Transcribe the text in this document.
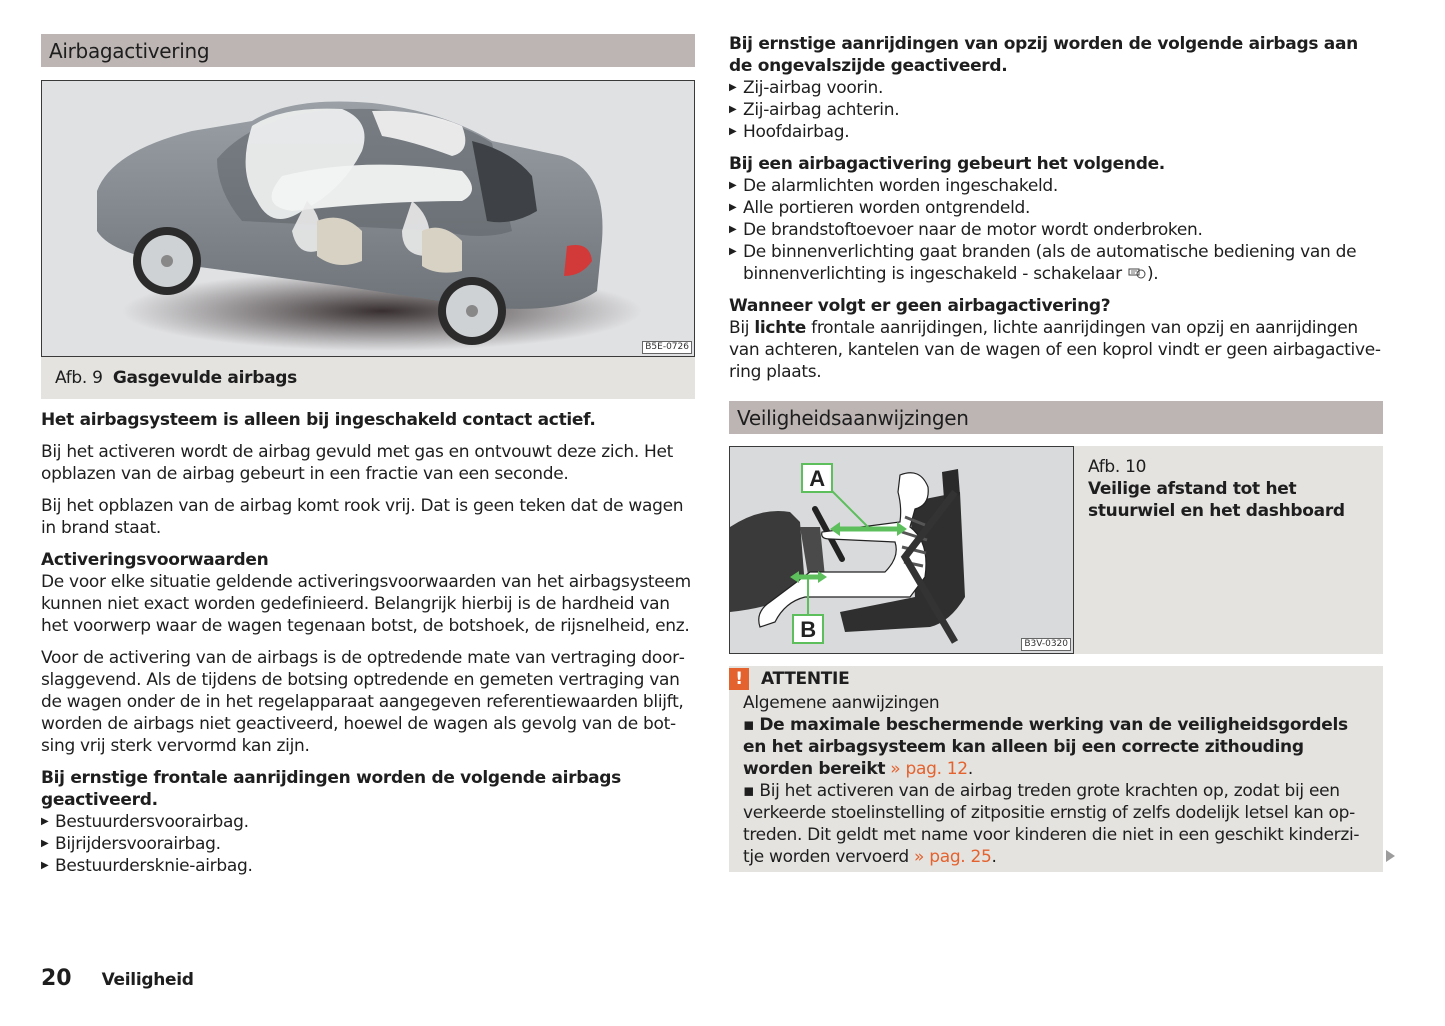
Airbagactivering
B5E-0726
Afb. 9 Gasgevulde airbags
Het airbagsysteem is alleen bij ingeschakeld contact actief.
Bij het activeren wordt de airbag gevuld met gas en ontvouwt deze zich. Het opblazen van de airbag gebeurt in een fractie van een seconde.
Bij het opblazen van de airbag komt rook vrij. Dat is geen teken dat de wagen in brand staat.
Activeringsvoorwaarden
De voor elke situatie geldende activeringsvoorwaarden van het airbagsysteem kunnen niet exact worden gedefinieerd. Belangrijk hierbij is de hardheid van het voorwerp waar de wagen tegenaan botst, de botshoek, de rijsnelheid, enz.
Voor de activering van de airbags is de optredende mate van vertraging doorslaggevend. Als de tijdens de botsing optredende en gemeten vertraging van de wagen onder de in het regelapparaat aangegeven referentiewaarden blijft, worden de airbags niet geactiveerd, hoewel de wagen als gevolg van de botsing vrij sterk vervormd kan zijn.
Bij ernstige frontale aanrijdingen worden de volgende airbags geactiveerd.
▶ Bestuurdersvoorairbag.
▶ Bijrijdersvoorairbag.
▶ Bestuurdersknie-airbag.
Bij ernstige aanrijdingen van opzij worden de volgende airbags aan de ongevalszijde geactiveerd.
▶ Zij-airbag voorin.
▶ Zij-airbag achterin.
▶ Hoofdairbag.
Bij een airbagactivering gebeurt het volgende.
▶ De alarmlichten worden ingeschakeld.
▶ Alle portieren worden ontgrendeld.
▶ De brandstoftoevoer naar de motor wordt onderbroken.
▶ De binnenverlichting gaat branden (als de automatische bediening van de binnenverlichting is ingeschakeld - schakelaar ).
Wanneer volgt er geen airbagactivering?
Bij lichte frontale aanrijdingen, lichte aanrijdingen van opzij en aanrijdingen van achteren, kantelen van de wagen of een koprol vindt er geen airbagactivering plaats.
Veiligheidsaanwijzingen
A
B
B3V-0320
Afb. 10
Veilige afstand tot het stuurwiel en het dashboard
!	ATTENTIE
Algemene aanwijzingen
▪ De maximale beschermende werking van de veiligheidsgordels en het airbagsysteem kan alleen bij een correcte zithouding worden bereikt » pag. 12.
▪ Bij het activeren van de airbag treden grote krachten op, zodat bij een verkeerde stoelinstelling of zitpositie ernstig of zelfs dodelijk letsel kan optreden. Dit geldt met name voor kinderen die niet in een geschikt kinderzitje worden vervoerd » pag. 25.
20 Veiligheid
